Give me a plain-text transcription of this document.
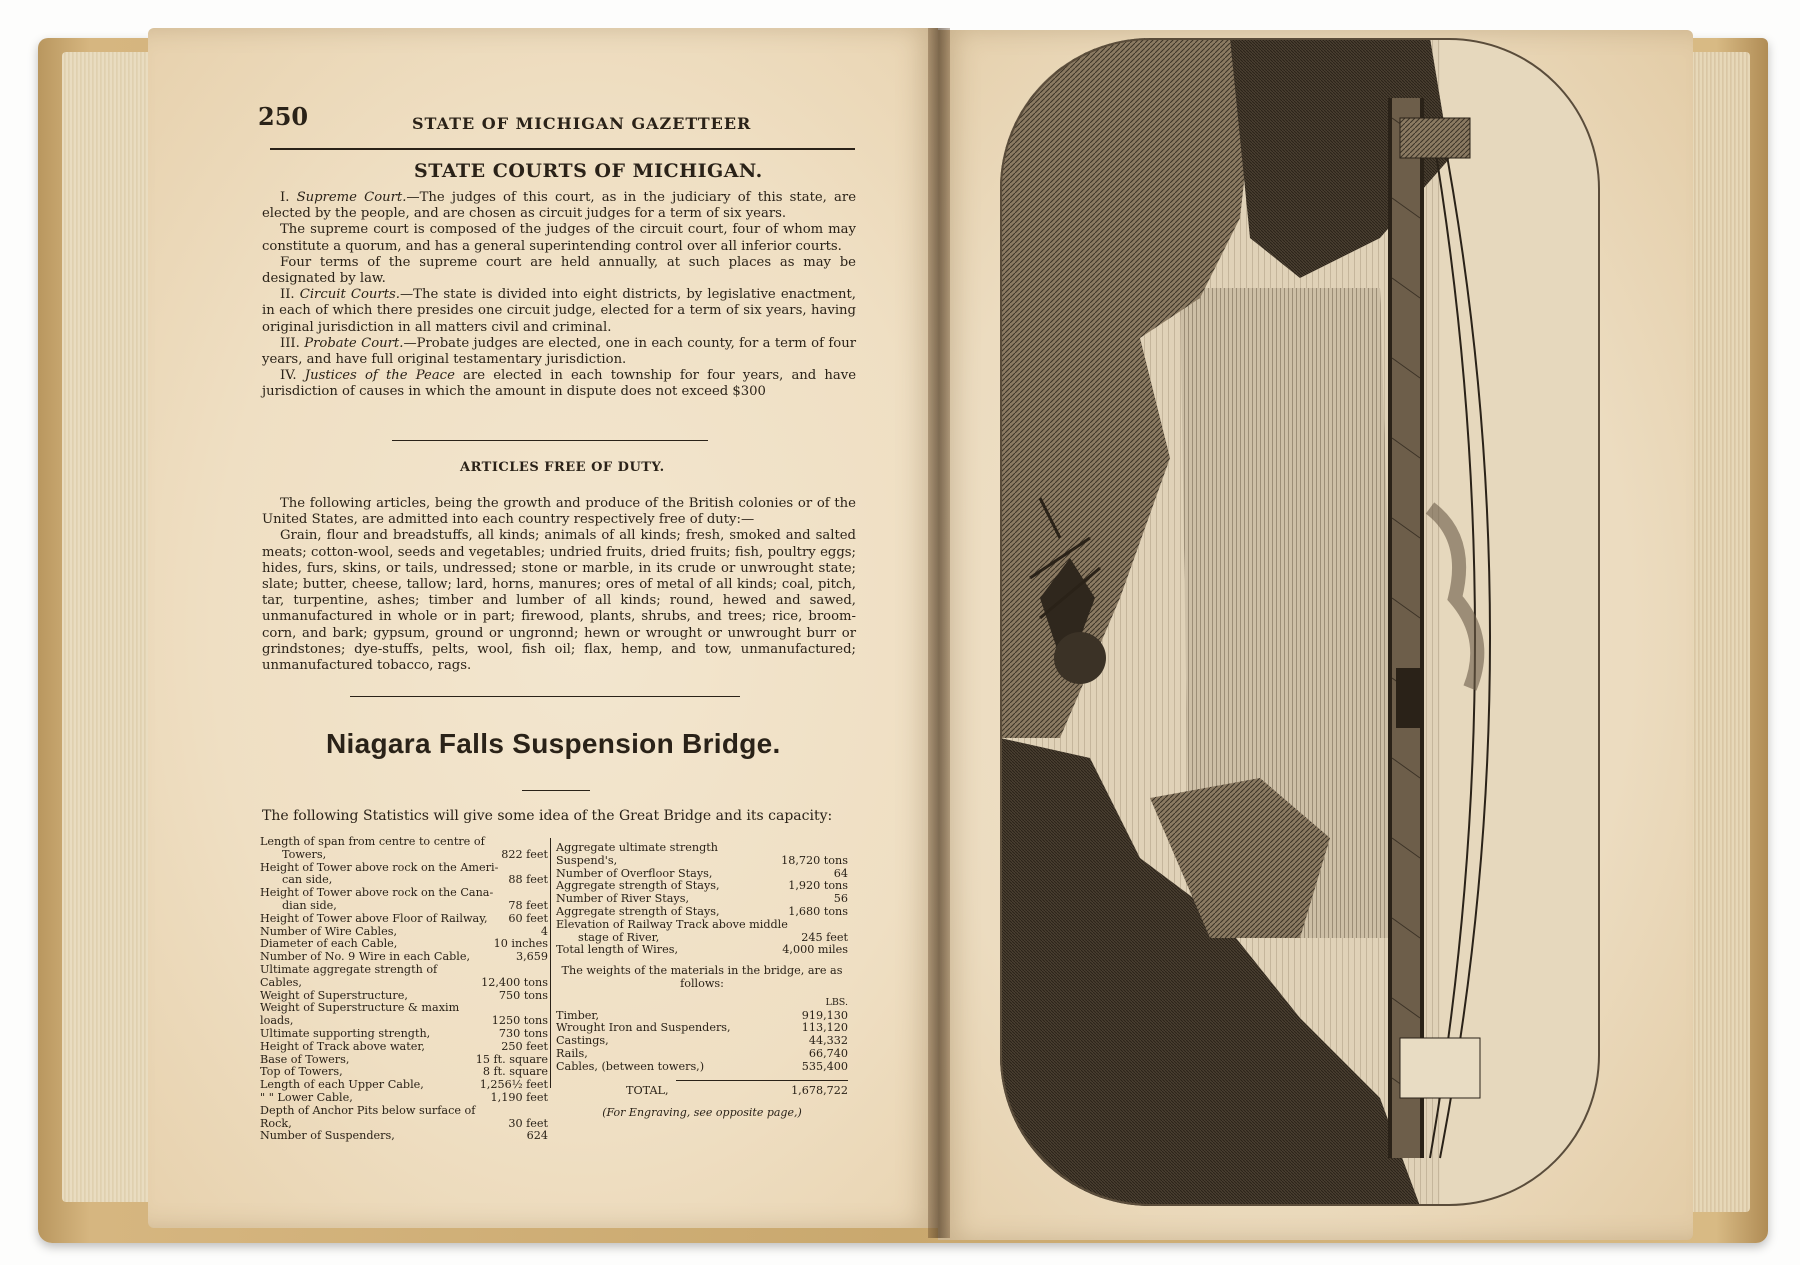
250	STATE OF MICHIGAN GAZETTEER
STATE COURTS OF MICHIGAN.

I. Supreme Court.—The judges of this court, as in the judiciary of this state, are elected by the people, and are chosen as circuit judges for a term of six years.

The supreme court is composed of the judges of the circuit court, four of whom may constitute a quorum, and has a general superintending control over all inferior courts.

Four terms of the supreme court are held annually, at such places as may be designated by law.

II. Circuit Courts.—The state is divided into eight districts, by legislative enactment, in each of which there presides one circuit judge, elected for a term of six years, having original jurisdiction in all matters civil and criminal.

III. Probate Court.—Probate judges are elected, one in each county, for a term of four years, and have full original testamentary jurisdiction.

IV. Justices of the Peace are elected in each township for four years, and have jurisdiction of causes in which the amount in dispute does not exceed $300

ARTICLES FREE OF DUTY.

The following articles, being the growth and produce of the British colonies or of the United States, are admitted into each country respectively free of duty:—

Grain, flour and breadstuffs, all kinds; animals of all kinds; fresh, smoked and salted meats; cotton-wool, seeds and vegetables; undried fruits, dried fruits; fish, poultry eggs; hides, furs, skins, or tails, undressed; stone or marble, in its crude or unwrought state; slate; butter, cheese, tallow; lard, horns, manures; ores of metal of all kinds; coal, pitch, tar, turpentine, ashes; timber and lumber of all kinds; round, hewed and sawed, unmanufactured in whole or in part; firewood, plants, shrubs, and trees; rice, broom-corn, and bark; gypsum, ground or ungronnd; hewn or wrought or unwrought burr or grindstones; dye-stuffs, pelts, wool, fish oil; flax, hemp, and tow, unmanufactured; unmanufactured tobacco, rags.

Niagara Falls Suspension Bridge.
The following Statistics will give some idea of the Great Bridge and its capacity:
Length of span from centre to centre of
Towers,	822 feet
Height of Tower above rock on the Ameri-
can side,	88 feet
Height of Tower above rock on the Cana-
dian side,	78 feet
Height of Tower above Floor of Railway,	60 feet
Number of Wire Cables,	4
Diameter of each Cable,	10 inches
Number of No. 9 Wire in each Cable,	3,659
Ultimate aggregate strength of Cables,	12,400 tons
Weight of Superstructure,	750 tons
Weight of Superstructure & maxim loads,	1250 tons
Ultimate supporting strength,	730 tons
Height of Track above water,	250 feet
Base of Towers,	15 ft. square
Top of Towers,	8 ft. square
Length of each Upper Cable,	1,256½ feet
" " Lower Cable,	1,190 feet
Depth of Anchor Pits below surface of Rock,	30 feet
Number of Suspenders,	624
Aggregate ultimate strength Suspend's,	18,720 tons
Number of Overfloor Stays,	64
Aggregate strength of Stays,	1,920 tons
Number of River Stays,	56
Aggregate strength of Stays,	1,680 tons
Elevation of Railway Track above middle
stage of River,	245 feet
Total length of Wires,	4,000 miles
The weights of the materials in the bridge, are as follows:
LBS.
Timber,	919,130
Wrought Iron and Suspenders,	113,120
Castings,	44,332
Rails,	66,740
Cables, (between towers,)	535,400
TOTAL,	1,678,722
(For Engraving, see opposite page,)
